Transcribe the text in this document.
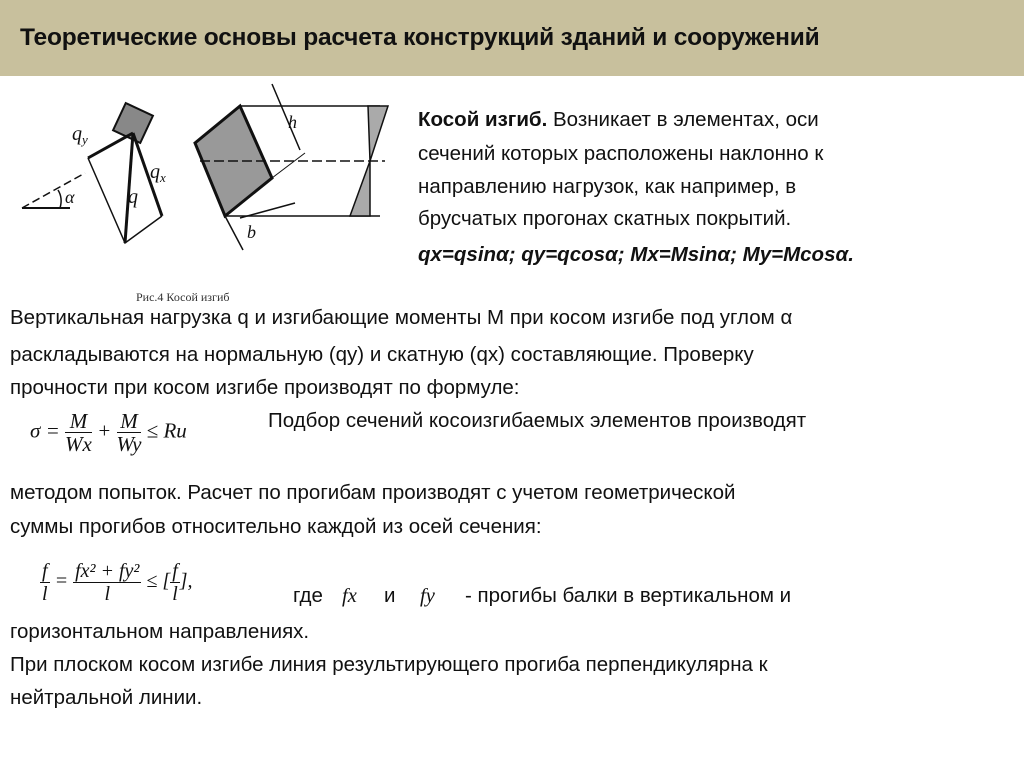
Теоретические основы расчета конструкций зданий и сооружений
$q_y$
$q_x$
q
α
h
b
Рис.4 Косой изгиб
Косой изгиб. Возникает в элементах, оси
сечений которых расположены наклонно к
направлению нагрузок, как например, в
брусчатых прогонах скатных покрытий.
qx=qsinα; qy=qcosα; Mx=Msinα; My=Mcosα.
Вертикальная нагрузка q и изгибающие моменты M при косом изгибе под углом α
раскладываются на нормальную (qy) и скатную (qx) составляющие. Проверку
прочности при косом изгибе производят по формуле:
$\sigma = \frac{M}{Wx} + \frac{M}{Wy}$ ≤ Rи	Подбор сечений косоизгибаемых элементов производят
методом попыток. Расчет по прогибам производят с учетом геометрической
суммы прогибов относительно каждой из осей сечения:
$\frac{f}{l} = \frac{\text{fx² + fy²}}{l}$ ≤ [ $\frac{f}{l}$ ],
где fx и fy - прогибы балки в вертикальном и
горизонтальном направлениях.
При плоском косом изгибе линия результирующего прогиба перпендикулярна к
нейтральной линии.
